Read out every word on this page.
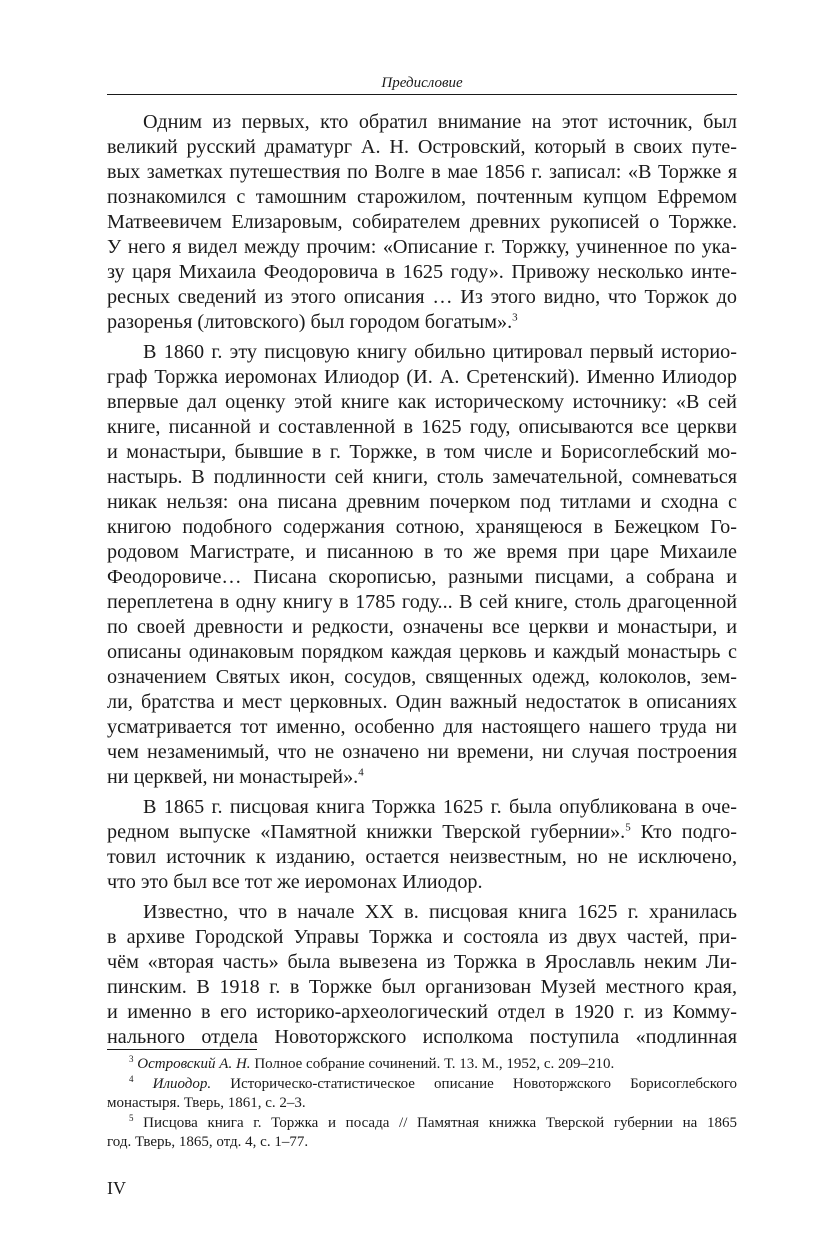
Предисловие

Одним из первых, кто обратил внимание на этот источник, был
великий русский драматург А. Н. Островский, который в своих путе-
вых заметках путешествия по Волге в мае 1856 г. записал: «В Торжке я
познакомился с тамошним старожилом, почтенным купцом Ефремом
Матвеевичем Елизаровым, собирателем древних рукописей о Торжке.
У него я видел между прочим: «Описание г. Торжку, учиненное по ука-
зу царя Михаила Феодоровича в 1625 году». Привожу несколько инте-
ресных сведений из этого описания … Из этого видно, что Торжок до
разоренья (литовского) был городом богатым».$^3$

В 1860 г. эту писцовую книгу обильно цитировал первый историо-
граф Торжка иеромонах Илиодор (И. А. Сретенский). Именно Илиодор
впервые дал оценку этой книге как историческому источнику: «В сей
книге, писанной и составленной в 1625 году, описываются все церкви
и монастыри, бывшие в г. Торжке, в том числе и Борисоглебский мо-
настырь. В подлинности сей книги, столь замечательной, сомневаться
никак нельзя: она писана древним почерком под титлами и сходна с
книгою подобного содержания сотною, хранящеюся в Бежецком Го-
родовом Магистрате, и писанною в то же время при царе Михаиле
Феодоровиче… Писана скорописью, разными писцами, а собрана и
переплетена в одну книгу в 1785 году... В сей книге, столь драгоценной
по своей древности и редкости, означены все церкви и монастыри, и
описаны одинаковым порядком каждая церковь и каждый монастырь с
означением Святых икон, сосудов, священных одежд, колоколов, зем-
ли, братства и мест церковных. Один важный недостаток в описаниях
усматривается тот именно, особенно для настоящего нашего труда ни
чем незаменимый, что не означено ни времени, ни случая построения
ни церквей, ни монастырей».$^4$

В 1865 г. писцовая книга Торжка 1625 г. была опубликована в оче-
редном выпуске «Памятной книжки Тверской губернии».$^5$ Кто подго-
товил источник к изданию, остается неизвестным, но не исключено,
что это был все тот же иеромонах Илиодор.

Известно, что в начале XX в. писцовая книга 1625 г. хранилась
в архиве Городской Управы Торжка и состояла из двух частей, при-
чём «вторая часть» была вывезена из Торжка в Ярославль неким Ли-
пинским. В 1918 г. в Торжке был организован Музей местного края,
и именно в его историко-археологический отдел в 1920 г. из Комму-
нального отдела Новоторжского исполкома поступила «подлинная

$^3$ Островский А. Н. Полное собрание сочинений. Т. 13. М., 1952, с. 209–210.
$^4$ Илиодор. Историческо-статистическое описание Новоторжского Борисоглебского
монастыря. Тверь, 1861, с. 2–3.
$^5$ Писцова книга г. Торжка и посада // Памятная книжка Тверской губернии на 1865
год. Тверь, 1865, отд. 4, с. 1–77.
IV
